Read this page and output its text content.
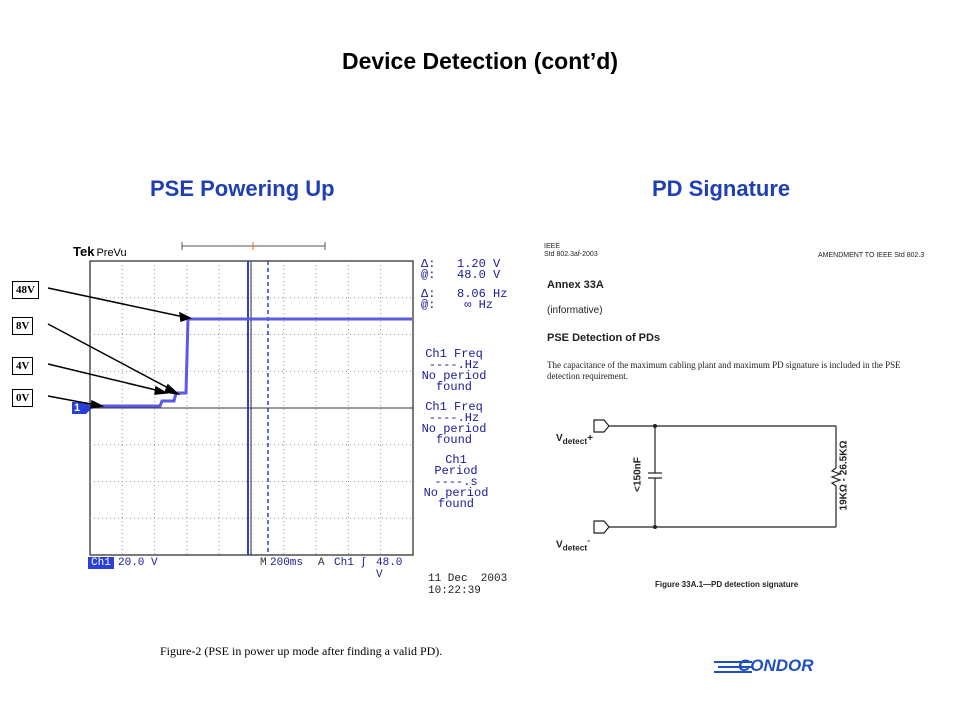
Device Detection (cont’d)
PSE Powering Up	PD Signature
Tek PreVu
48V
8V
4V
0V
1
Δ:   1.20 V
@:   48.0 V
Δ:   8.06 Hz
@:    ∞ Hz
Ch1 Freq
----.Hz
No period
found
Ch1 Freq
----.Hz
No period
found
Ch1 Period
----.s
No period
found
Ch1 20.0 V	M 200ms A Ch1 ∫ 48.0 V	11 Dec  2003
10:22:39
Figure-2 (PSE in power up mode after finding a valid PD).
IEEE
Std 802.3af-2003	AMENDMENT TO IEEE Std 802.3
Annex 33A
(informative)
PSE Detection of PDs
The capacitance of the maximum cabling plant and maximum PD signature is included in the PSE detection requirement.
$V_{detect}+$
$V_{detect}^-$
<150nF	19KΩ - 26.5KΩ
Figure 33A.1—PD detection signature
CONDOR
